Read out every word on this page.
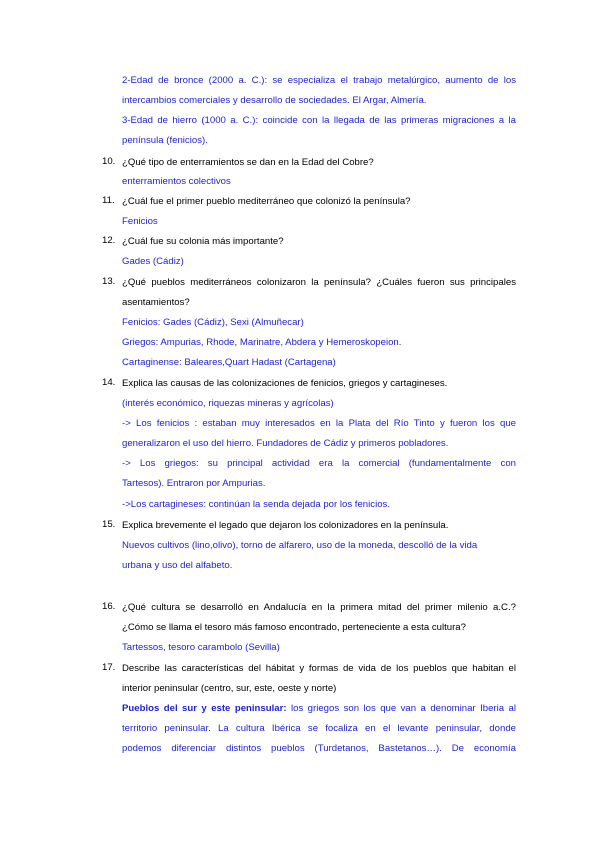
2-Edad de bronce (2000 a. C.): se especializa el trabajo metalúrgico, aumento de los
intercambios comerciales y desarrollo de sociedades. El Argar, Almería.
3-Edad de hierro (1000 a. C.): coincide con la llegada de las primeras migraciones a la
península (fenicios).
10. ¿Qué tipo de enterramientos se dan en la Edad del Cobre?
enterramientos colectivos
11. ¿Cuál fue el primer pueblo mediterráneo que colonizó la península?
Fenicios
12. ¿Cuál fue su colonia más importante?
Gades (Cádiz)
13. ¿Qué pueblos mediterráneos colonizaron la península? ¿Cuáles fueron sus principales
asentamientos?
Fenicios: Gades (Cádiz), Sexi (Almuñecar)
Griegos: Ampurias, Rhode, Marinatre, Abdera y Hemeroskopeion.
Cartaginense: Baleares,Quart Hadast (Cartagena)
14. Explica las causas de las colonizaciones de fenicios, griegos y cartagineses.
(interés económico, riquezas mineras y agrícolas)
-> Los fenicios : estaban muy interesados en la Plata del Río Tinto y fueron los que
generalizaron el uso del hierro. Fundadores de Cádiz y primeros pobladores.
-> Los griegos: su principal actividad era la comercial (fundamentalmente con
Tartesos). Entraron por Ampurias.
->Los cartagineses: continúan la senda dejada por los fenicios.
15. Explica brevemente el legado que dejaron los colonizadores en la península.
Nuevos cultivos (lino,olivo), torno de alfarero, uso de la moneda, descolló de la vida
urbana y uso del alfabeto.
16. ¿Qué cultura se desarrolló en Andalucía en la primera mitad del primer milenio a.C.?
¿Cómo se llama el tesoro más famoso encontrado, perteneciente a esta cultura?
Tartessos, tesoro carambolo (Sevilla)
17. Describe las características del hábitat y formas de vida de los pueblos que habitan el
interior peninsular (centro, sur, este, oeste y norte)
Pueblos del sur y este peninsular: los griegos son los que van a denominar Iberia al
territorio peninsular. La cultura Ibérica se focaliza en el levante peninsular, donde
podemos diferenciar distintos pueblos (Turdetanos, Bastetanos…). De economía
